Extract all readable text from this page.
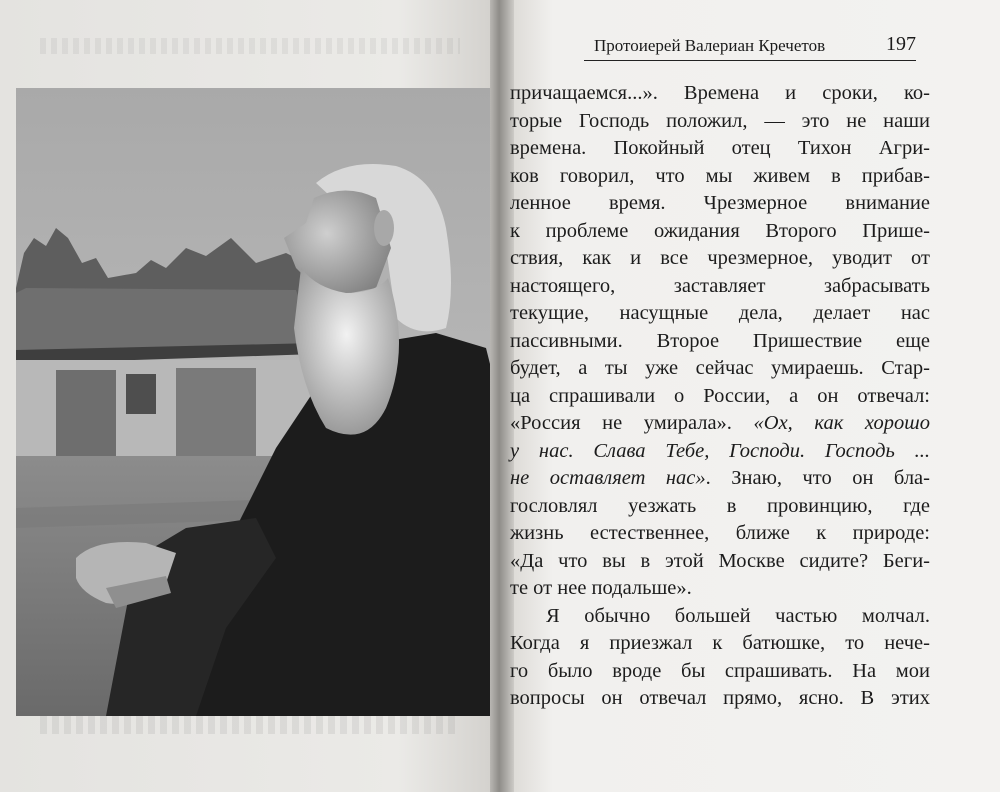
Протоиерей Валериан Кречетов	197
причащаемся...». Времена и сроки, ко-
торые Господь положил, — это не наши
времена. Покойный отец Тихон Агри-
ков говорил, что мы живем в прибав-
ленное время. Чрезмерное внимание
к проблеме ожидания Второго Прише-
ствия, как и все чрезмерное, уводит от
настоящего, заставляет забрасывать
текущие, насущные дела, делает нас
пассивными. Второе Пришествие еще
будет, а ты уже сейчас умираешь. Стар-
ца спрашивали о России, а он отвечал:
«Россия не умирала». «Ох, как хорошо
у нас. Слава Тебе, Господи. Господь ...
не оставляет нас». Знаю, что он бла-
гословлял уезжать в провинцию, где
жизнь естественнее, ближе к природе:
«Да что вы в этой Москве сидите? Беги-
те от нее подальше».
Я обычно большей частью молчал.
Когда я приезжал к батюшке, то нече-
го было вроде бы спрашивать. На мои
вопросы он отвечал прямо, ясно. В этих
